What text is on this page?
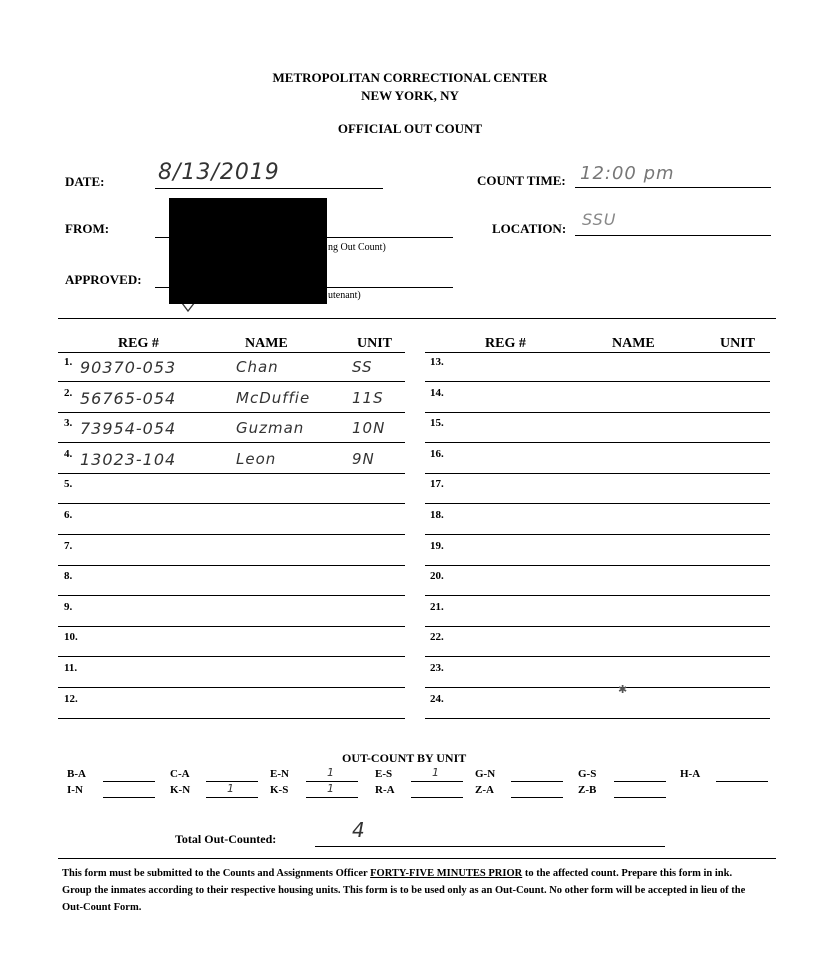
METROPOLITAN CORRECTIONAL CENTER
NEW YORK, NY
OFFICIAL OUT COUNT
DATE: 8/13/2019	COUNT TIME: 12:00 pm
FROM:
ng Out Count)
LOCATION: SSU
APPROVED:
utenant)
REG #	NAME	UNIT	REG #	NAME	UNIT
1. 90370-053	Chan	SS
2. 56765-054	McDuffie	11S
3. 73954-054	Guzman	10N
4. 13023-104	Leon	9N
5.
6.
7.
8.
9.
10.
11.
12.
13.
14.
15.
16.
17.
18.
19.
20.
21.
22.
23.
24.
✱
OUT-COUNT BY UNIT
B-A	C-A	E-N	1	E-S	1	G-N	G-S	H-A
I-N	K-N	1	K-S	1	R-A	Z-A	Z-B
Total Out-Counted:	4
This form must be submitted to the Counts and Assignments Officer FORTY-FIVE MINUTES PRIOR to the affected count. Prepare this form in ink. Group the inmates according to their respective housing units. This form is to be used only as an Out-Count. No other form will be accepted in lieu of the Out-Count Form.
